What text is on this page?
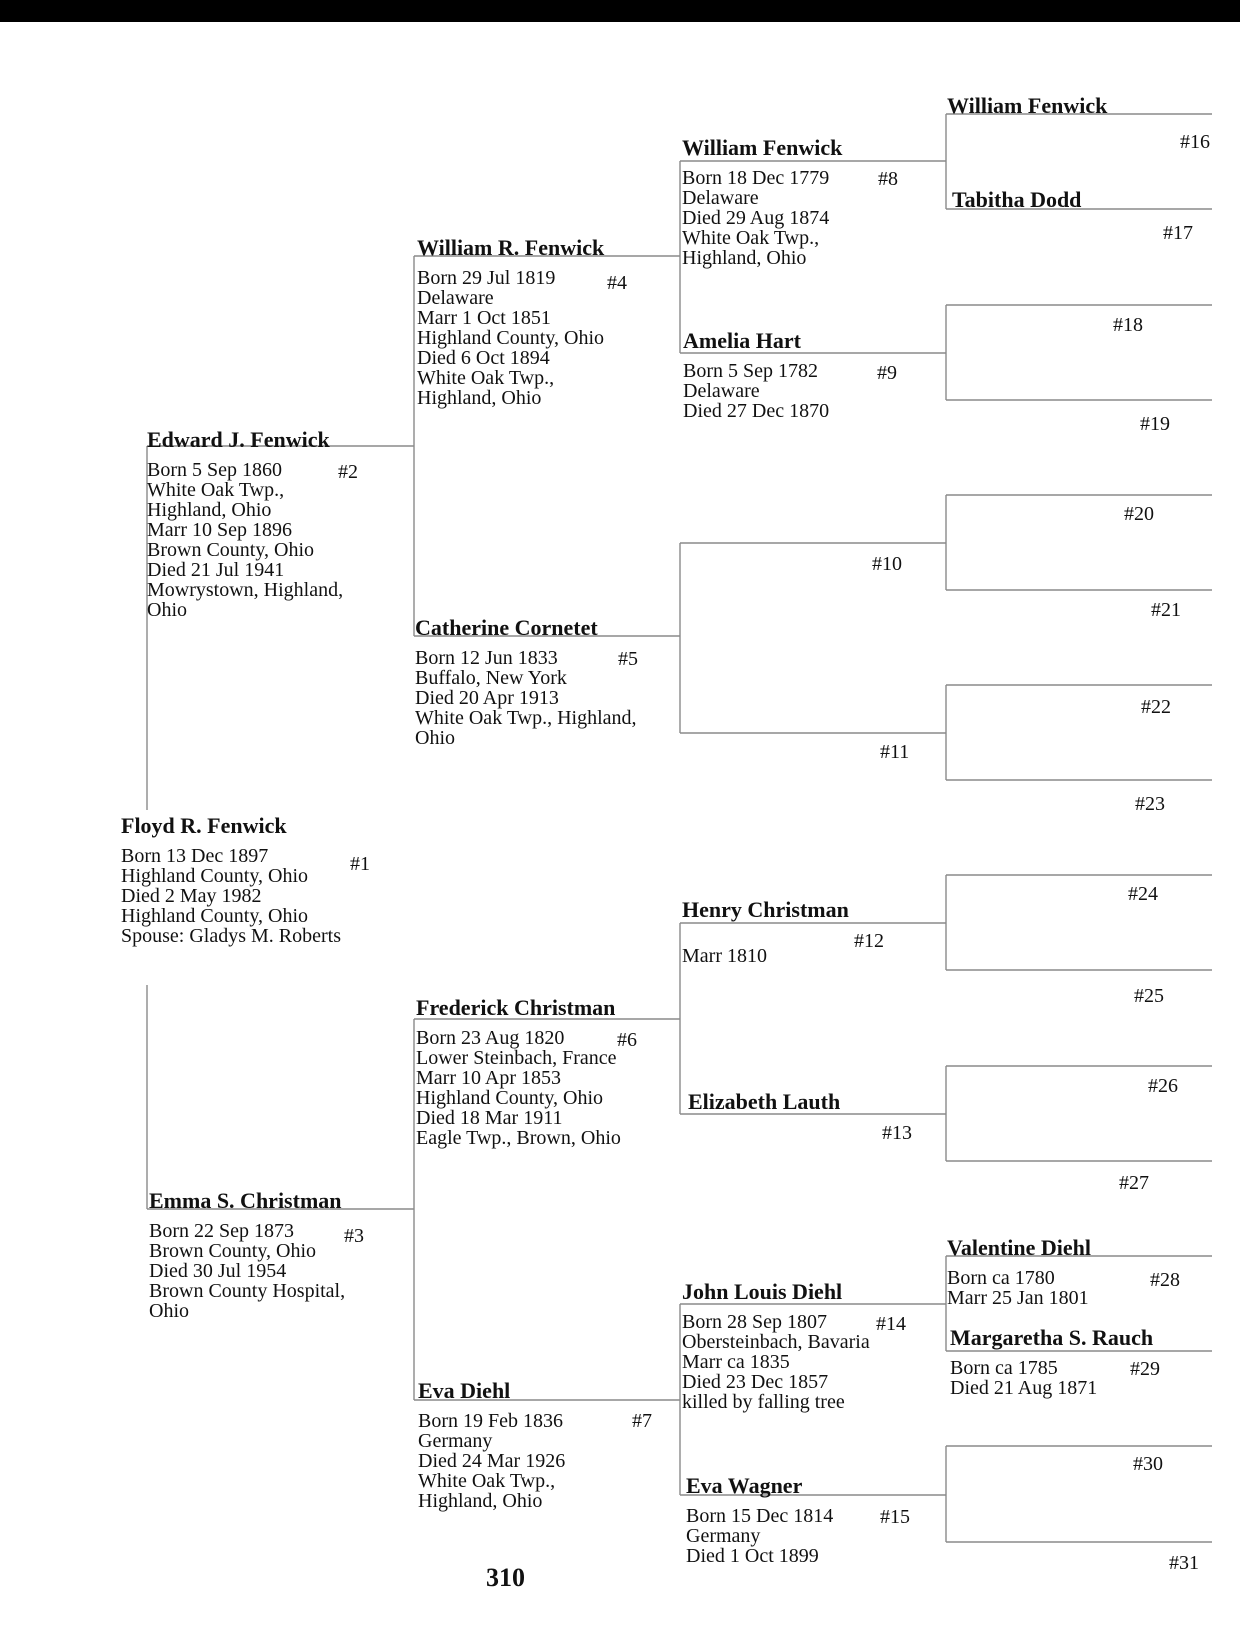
Floyd R. Fenwick
Born 13 Dec 1897
Highland County, Ohio
Died 2 May 1982
Highland County, Ohio
Spouse: Gladys M. Roberts
#1
Edward J. Fenwick
Born 5 Sep 1860
White Oak Twp.,
Highland, Ohio
Marr 10 Sep 1896
Brown County, Ohio
Died 21 Jul 1941
Mowrystown, Highland,
Ohio
#2
Emma S. Christman
Born 22 Sep 1873
Brown County, Ohio
Died 30 Jul 1954
Brown County Hospital,
Ohio
#3
William R. Fenwick
Born 29 Jul 1819
Delaware
Marr 1 Oct 1851
Highland County, Ohio
Died 6 Oct 1894
White Oak Twp.,
Highland, Ohio
#4
Catherine Cornetet
Born 12 Jun 1833
Buffalo, New York
Died 20 Apr 1913
White Oak Twp., Highland,
Ohio
#5
Frederick Christman
Born 23 Aug 1820
Lower Steinbach, France
Marr 10 Apr 1853
Highland County, Ohio
Died 18 Mar 1911
Eagle Twp., Brown, Ohio
#6
Eva Diehl
Born 19 Feb 1836
Germany
Died 24 Mar 1926
White Oak Twp.,
Highland, Ohio
#7
William Fenwick
Born 18 Dec 1779
Delaware
Died 29 Aug 1874
White Oak Twp.,
Highland, Ohio
#8
Amelia Hart
Born 5 Sep 1782
Delaware
Died 27 Dec 1870
#9
Henry Christman
Marr 1810
#12
Elizabeth Lauth
#13
John Louis Diehl
Born 28 Sep 1807
Obersteinbach, Bavaria
Marr ca 1835
Died 23 Dec 1857
killed by falling tree
#14
Eva Wagner
Born 15 Dec 1814
Germany
Died 1 Oct 1899
#15
William Fenwick
#16
Tabitha Dodd
#17
Valentine Diehl
Born ca 1780
Marr 25 Jan 1801
#28
Margaretha S. Rauch
Born ca 1785
Died 21 Aug 1871
#29
#10
#11
#18
#19
#20
#21
#22
#23
#24
#25
#26
#27
#30
#31
310
